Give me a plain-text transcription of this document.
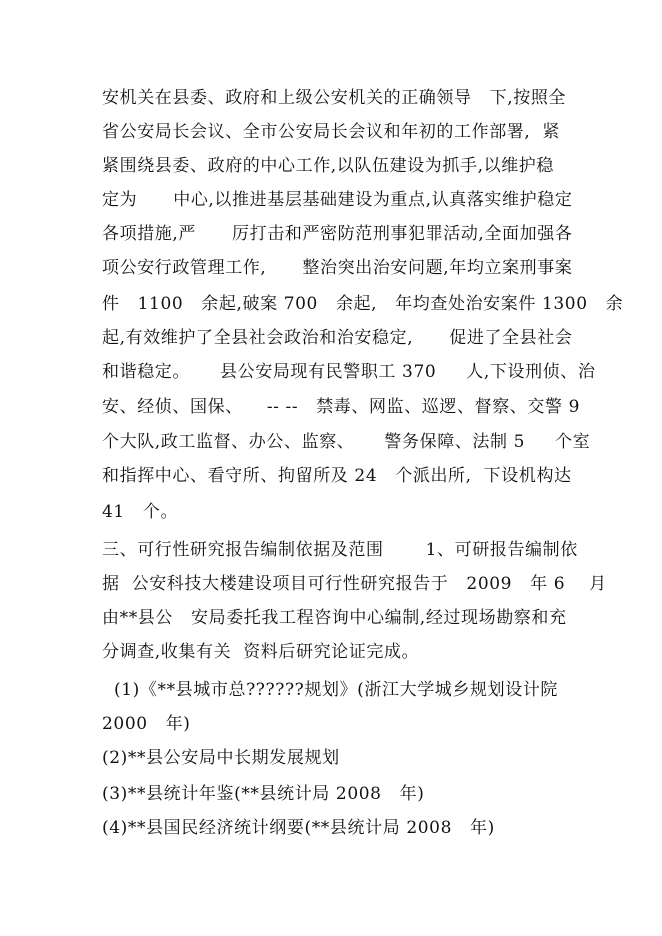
安机关在县委、政府和上级公安机关的正确领导   下,按照全
省公安局长会议、全市公安局长会议和年初的工作部署,  紧
紧围绕县委、政府的中心工作,以队伍建设为抓手,以维护稳
定为      中心,以推进基层基础建设为重点,认真落实维护稳定
各项措施,严      厉打击和严密防范刑事犯罪活动,全面加强各
项公安行政管理工作,      整治突出治安问题,年均立案刑事案
件   1100   余起,破案 700   余起,   年均查处治安案件 1300   余
起,有效维护了全县社会政治和治安稳定,      促进了全县社会
和谐稳定。     县公安局现有民警职工 370     人,下设刑侦、治
安、经侦、国保、    -- --   禁毒、网监、巡逻、督察、交警 9
个大队,政工监督、办公、监察、     警务保障、法制 5     个室
和指挥中心、看守所、拘留所及 24   个派出所,  下设机构达
41   个。
三、可行性研究报告编制依据及范围       1、可研报告编制依
据  公安科技大楼建设项目可行性研究报告于   2009   年 6    月
由**县公   安局委托我工程咨询中心编制,经过现场勘察和充
分调查,收集有关  资料后研究论证完成。
(1)《**县城市总??????规划》(浙江大学城乡规划设计院
2000   年)
(2)**县公安局中长期发展规划
(3)**县统计年鉴(**县统计局 2008   年)
(4)**县国民经济统计纲要(**县统计局 2008   年)
